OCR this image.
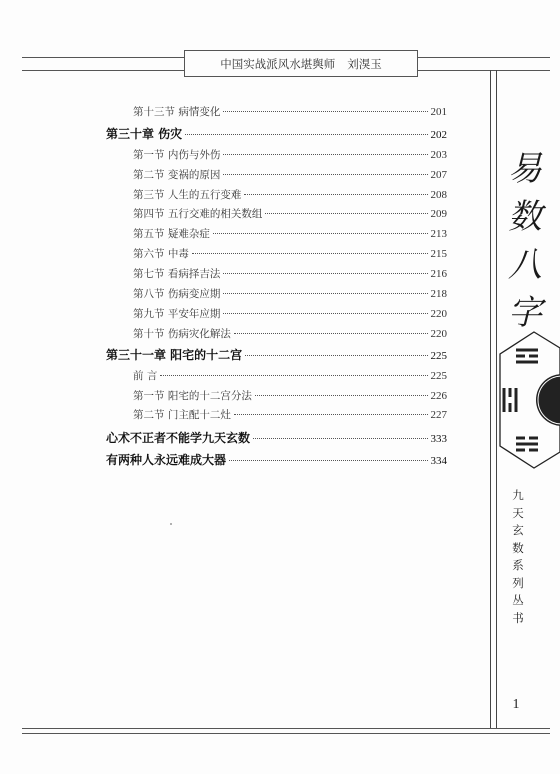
中国实战派风水堪舆师 刘湨玉
易
数
八
字
九
天
玄
数
系
列
丛
书
1
第十三节 病情变化	201
第三十章 伤灾	202
第一节 内伤与外伤	203
第二节 变祸的原因	207
第三节 人生的五行变难	208
第四节 五行交难的相关数组	209
第五节 疑难杂症	213
第六节 中毒	215
第七节 看病择吉法	216
第八节 伤病变应期	218
第九节 平安年应期	220
第十节 伤病灾化解法	220
第三十一章 阳宅的十二宫	225
前 言	225
第一节 阳宅的十二宫分法	226
第二节 门主配十二灶	227
心术不正者不能学九天玄数	333
有两种人永远难成大器	334
